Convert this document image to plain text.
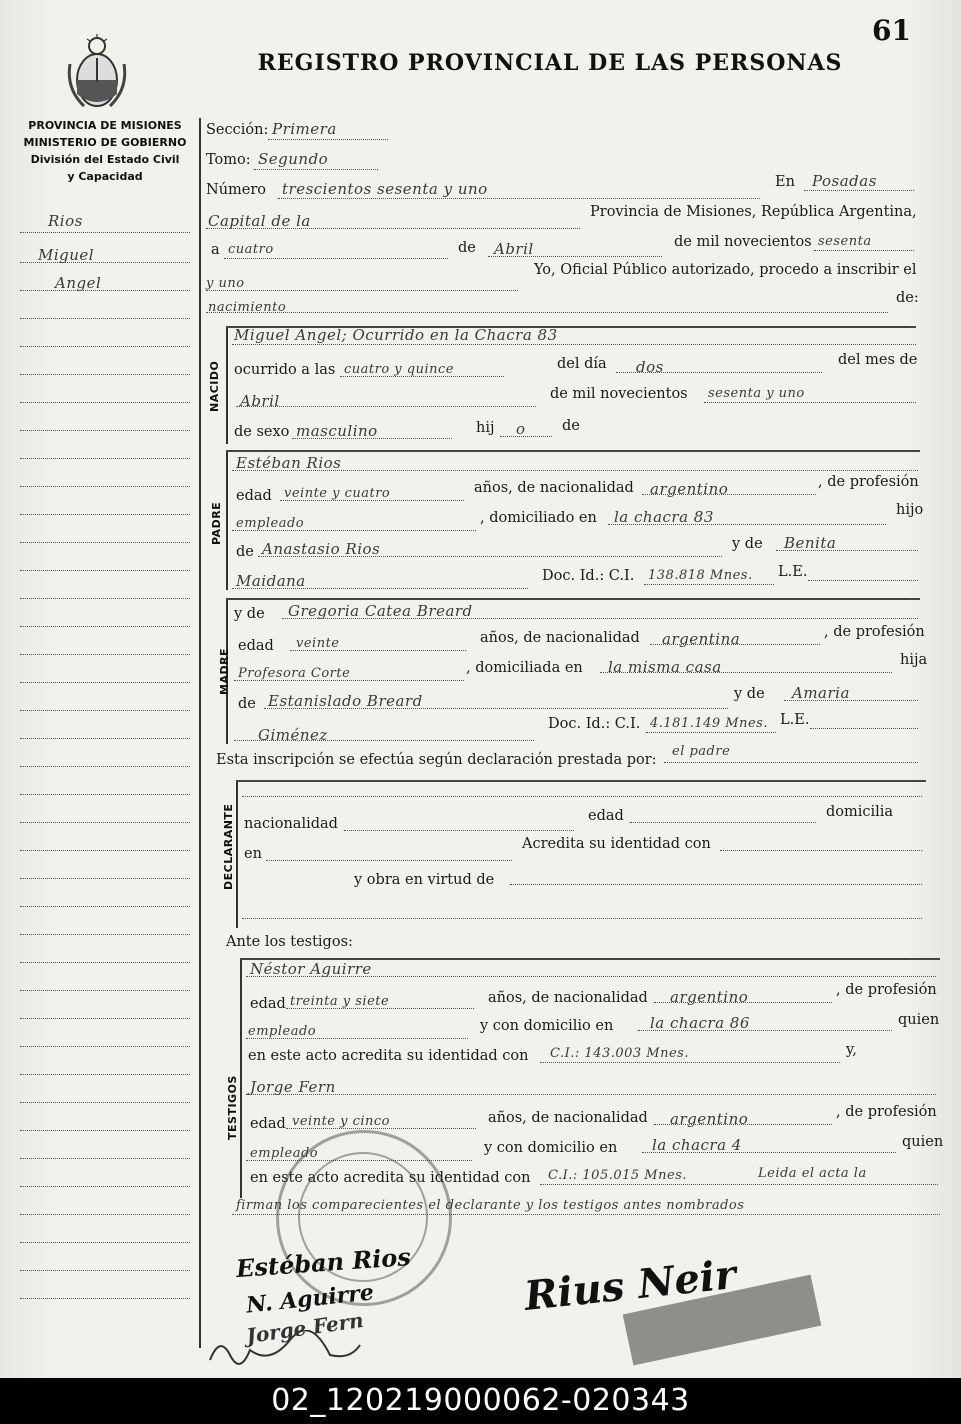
61
REGISTRO PROVINCIAL DE LAS PERSONAS
PROVINCIA DE MISIONES
MINISTERIO DE GOBIERNO
División del Estado Civil
y Capacidad
Rios
Miguel
Angel
Sección: Primera
Tomo: Segundo
Número trescientos sesenta y uno	En Posadas
Capital de la	Provincia de Misiones, República Argentina,
a cuatro	de Abril	de mil novecientos sesenta
y uno
Yo, Oficial Público autorizado, procedo a inscribir el
nacimiento
de:
NACIDO
Miguel Angel; Ocurrido en la Chacra 83
ocurrido a las cuatro y quince	del día dos	del mes de
Abril	de mil novecientos sesenta y uno
de sexo masculino	hij o	de
PADRE
Estéban Rios
edad veinte y cuatro	años, de nacionalidad argentino	, de profesión
empleado	, domiciliado en la chacra 83	hijo
de Anastasio Rios	y de Benita
Maidana	Doc. Id.: C.I. 138.818 Mnes. L.E.
MADRE
y de Gregoria Catea Breard
edad veinte	años, de nacionalidad argentina	, de profesión
Profesora Corte	, domiciliada en la misma casa	hija
de Estanislado Breard	y de Amaria
Giménez
Doc. Id.: C.I. 4.181.149 Mnes. L.E.
Esta inscripción se efectúa según declaración prestada por:
el padre
DECLARANTE nacionalidad	edad	domicilia
en
Acredita su identidad con
y obra en virtud de
Ante los testigos:
TESTIGOS
Néstor Aguirre
edad treinta y siete	años, de nacionalidad argentino	, de profesión
empleado	y con domicilio en la chacra 86	quien
en este acto acredita su identidad con C.I.: 143.003 Mnes.	y,
Jorge Fern
edad veinte y cinco	años, de nacionalidad argentino	, de profesión
empleado	y con domicilio en la chacra 4	quien
en este acto acredita su identidad con C.I.: 105.015 Mnes.	Leida el acta la
firman los comparecientes el declarante y los testigos antes nombrados
Estéban Rios
N. Aguirre
Jorge Fern
Rius Neir
02_120219000062-020343
